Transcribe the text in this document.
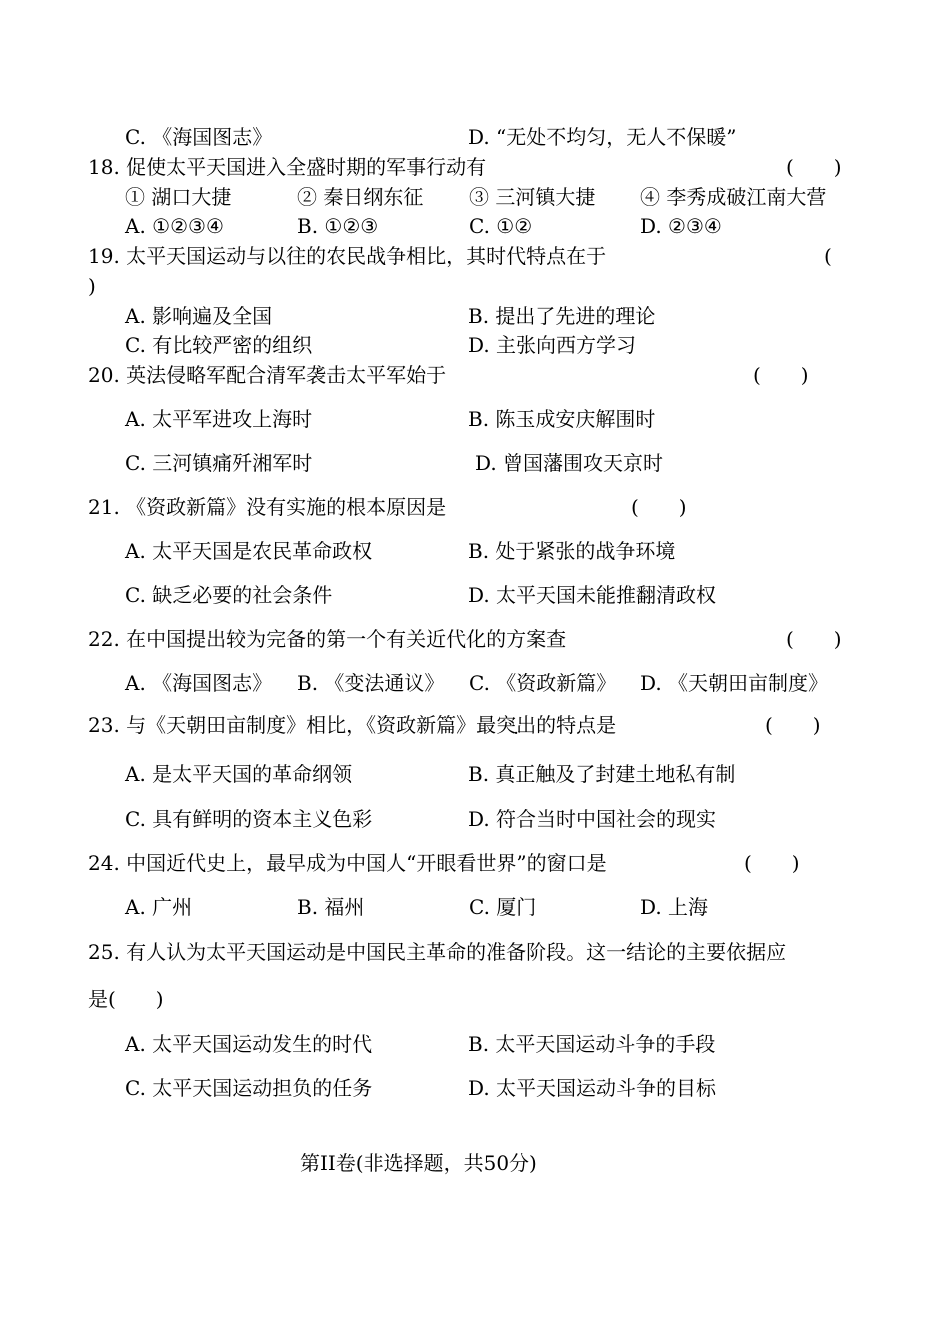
C. 《海国图志》	D. “无处不均匀，无人不保暖”
18. 促使太平天国进入全盛时期的军事行动有	(　　)
① 湖口大捷	② 秦日纲东征 ③ 三河镇大捷 ④ 李秀成破江南大营
A. ①②③④	B. ①②③	C. ①②	D. ②③④
19. 太平天国运动与以往的农民战争相比，其时代特点在于	(
)
A. 影响遍及全国	B. 提出了先进的理论
C. 有比较严密的组织	D. 主张向西方学习
20. 英法侵略军配合清军袭击太平军始于	(　　)
A. 太平军进攻上海时	B. 陈玉成安庆解围时
C. 三河镇痛歼湘军时	D. 曾国藩围攻天京时
21. 《资政新篇》没有实施的根本原因是	(　　)
A. 太平天国是农民革命政权	B. 处于紧张的战争环境
C. 缺乏必要的社会条件	D. 太平天国未能推翻清政权
22. 在中国提出较为完备的第一个有关近代化的方案查	(　　)
A. 《海国图志》 B. 《变法通议》 C. 《资政新篇》 D. 《天朝田亩制度》
23. 与《天朝田亩制度》相比，《资政新篇》最突出的特点是	(　　)
A. 是太平天国的革命纲领	B. 真正触及了封建土地私有制
C. 具有鲜明的资本主义色彩	D. 符合当时中国社会的现实
24. 中国近代史上，最早成为中国人“开眼看世界”的窗口是	(　　)
A. 广州	B. 福州	C. 厦门	D. 上海
25. 有人认为太平天国运动是中国民主革命的准备阶段。这一结论的主要依据应
是(　　)
A. 太平天国运动发生的时代	B. 太平天国运动斗争的手段
C. 太平天国运动担负的任务	D. 太平天国运动斗争的目标
第II卷(非选择题，共50分)
